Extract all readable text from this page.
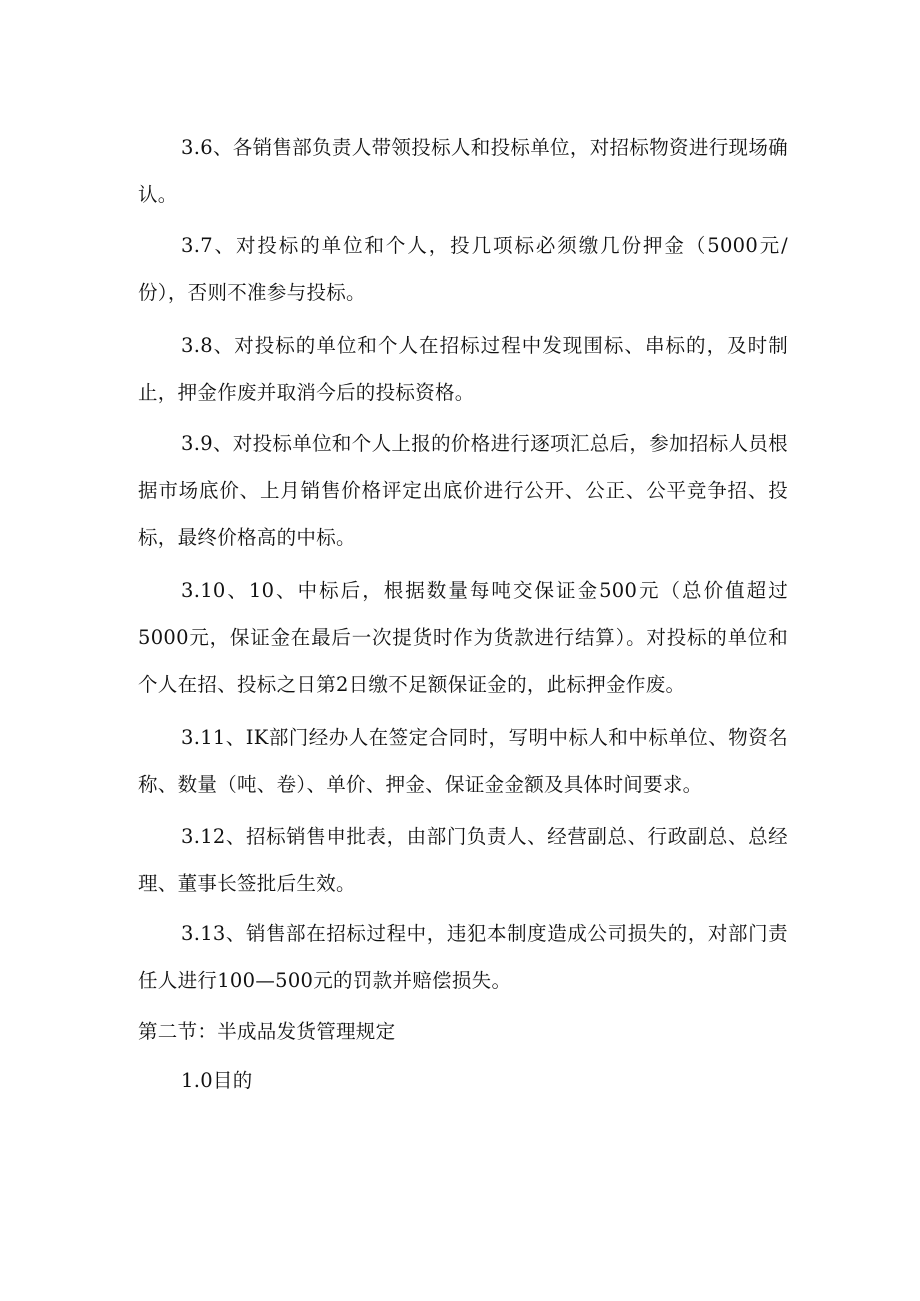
3.6、各销售部负责人带领投标人和投标单位，对招标物资进行现场确认。

3.7、对投标的单位和个人，投几项标必须缴几份押金（5000元/份），否则不准参与投标。

3.8、对投标的单位和个人在招标过程中发现围标、串标的，及时制止，押金作废并取消今后的投标资格。

3.9、对投标单位和个人上报的价格进行逐项汇总后，参加招标人员根据市场底价、上月销售价格评定出底价进行公开、公正、公平竞争招、投标，最终价格高的中标。

3.10、10、中标后，根据数量每吨交保证金500元（总价值超过5000元，保证金在最后一次提货时作为货款进行结算）。对投标的单位和个人在招、投标之日第2日缴不足额保证金的，此标押金作废。

3.11、IK部门经办人在签定合同时，写明中标人和中标单位、物资名称、数量（吨、卷）、单价、押金、保证金金额及具体时间要求。

3.12、招标销售申批表，由部门负责人、经营副总、行政副总、总经理、董事长签批后生效。

3.13、销售部在招标过程中，违犯本制度造成公司损失的，对部门责任人进行100—500元的罚款并赔偿损失。

第二节：半成品发货管理规定

1.0目的
